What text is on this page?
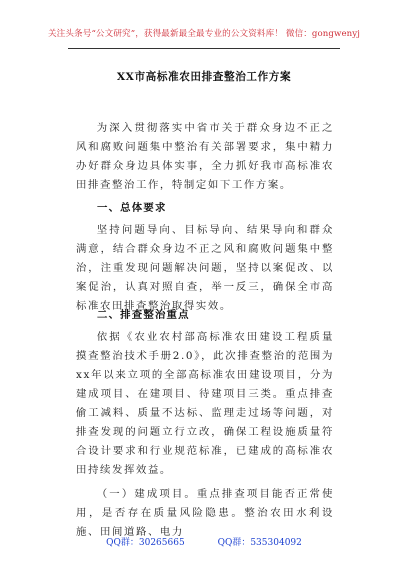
关注头条号“公文研究”，获得最新最全最专业的公文资料库！ 微信：gongwenyj
XX市高标准农田排查整治工作方案
为深入贯彻落实中省市关于群众身边不正之风和腐败问题集中整治有关部署要求，集中精力办好群众身边具体实事，全力抓好我市高标准农田排查整治工作，特制定如下工作方案。
一、总体要求
坚持问题导向、目标导向、结果导向和群众满意，结合群众身边不正之风和腐败问题集中整治，注重发现问题解决问题，坚持以案促改、以案促治，认真对照自查，举一反三，确保全市高标准农田排查整治取得实效。
二、排查整治重点
依据《农业农村部高标准农田建设工程质量摸查整治技术手册2.0》，此次排查整治的范围为xx年以来立项的全部高标准农田建设项目，分为建成项目、在建项目、待建项目三类。重点排查偷工减料、质量不达标、监理走过场等问题，对排查发现的问题立行立改，确保工程设施质量符合设计要求和行业规范标准，已建成的高标准农田持续发挥效益。
（一）建成项目。重点排查项目能否正常使用，是否存在质量风险隐患。整治农田水利设施、田间道路、电力
QQ群：30265665	QQ群：535304092
